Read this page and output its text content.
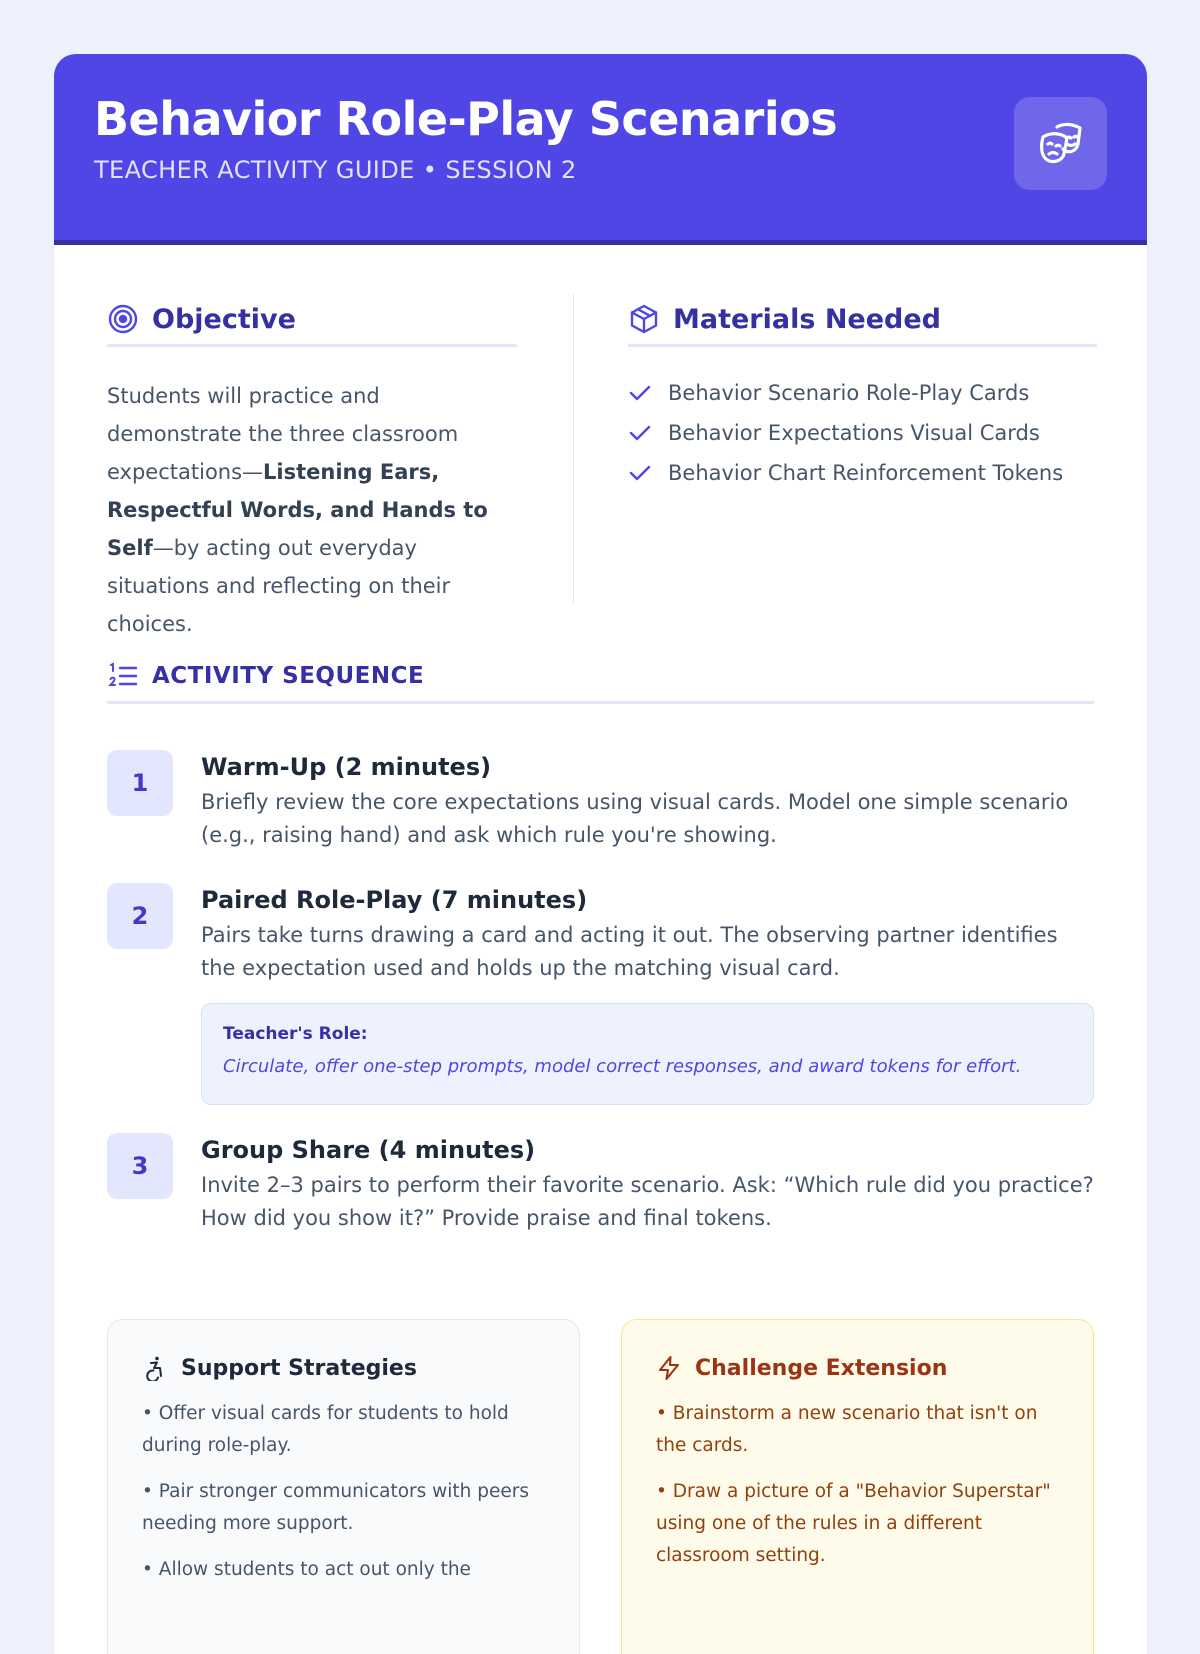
Behavior Role-Play Scenarios
TEACHER ACTIVITY GUIDE • SESSION 2
Objective

Students will practice and demonstrate the three classroom expectations—Listening Ears, Respectful Words, and Hands to Self—by acting out everyday situations and reflecting on their choices.

Materials Needed
Behavior Scenario Role-Play Cards
Behavior Expectations Visual Cards
Behavior Chart Reinforcement Tokens
ACTIVITY SEQUENCE
1
Warm-Up (2 minutes)
Briefly review the core expectations using visual cards. Model one simple scenario (e.g., raising hand) and ask which rule you're showing.
2
Paired Role-Play (7 minutes)
Pairs take turns drawing a card and acting it out. The observing partner identifies the expectation used and holds up the matching visual card.
Teacher's Role:
Circulate, offer one-step prompts, model correct responses, and award tokens for effort.
3
Group Share (4 minutes)
Invite 2–3 pairs to perform their favorite scenario. Ask: “Which rule did you practice? How did you show it?” Provide praise and final tokens.
Support Strategies
• Offer visual cards for students to hold during role-play.
• Pair stronger communicators with peers needing more support.
• Allow students to act out only the
Challenge Extension
• Brainstorm a new scenario that isn't on the cards.
• Draw a picture of a "Behavior Superstar" using one of the rules in a different classroom setting.
